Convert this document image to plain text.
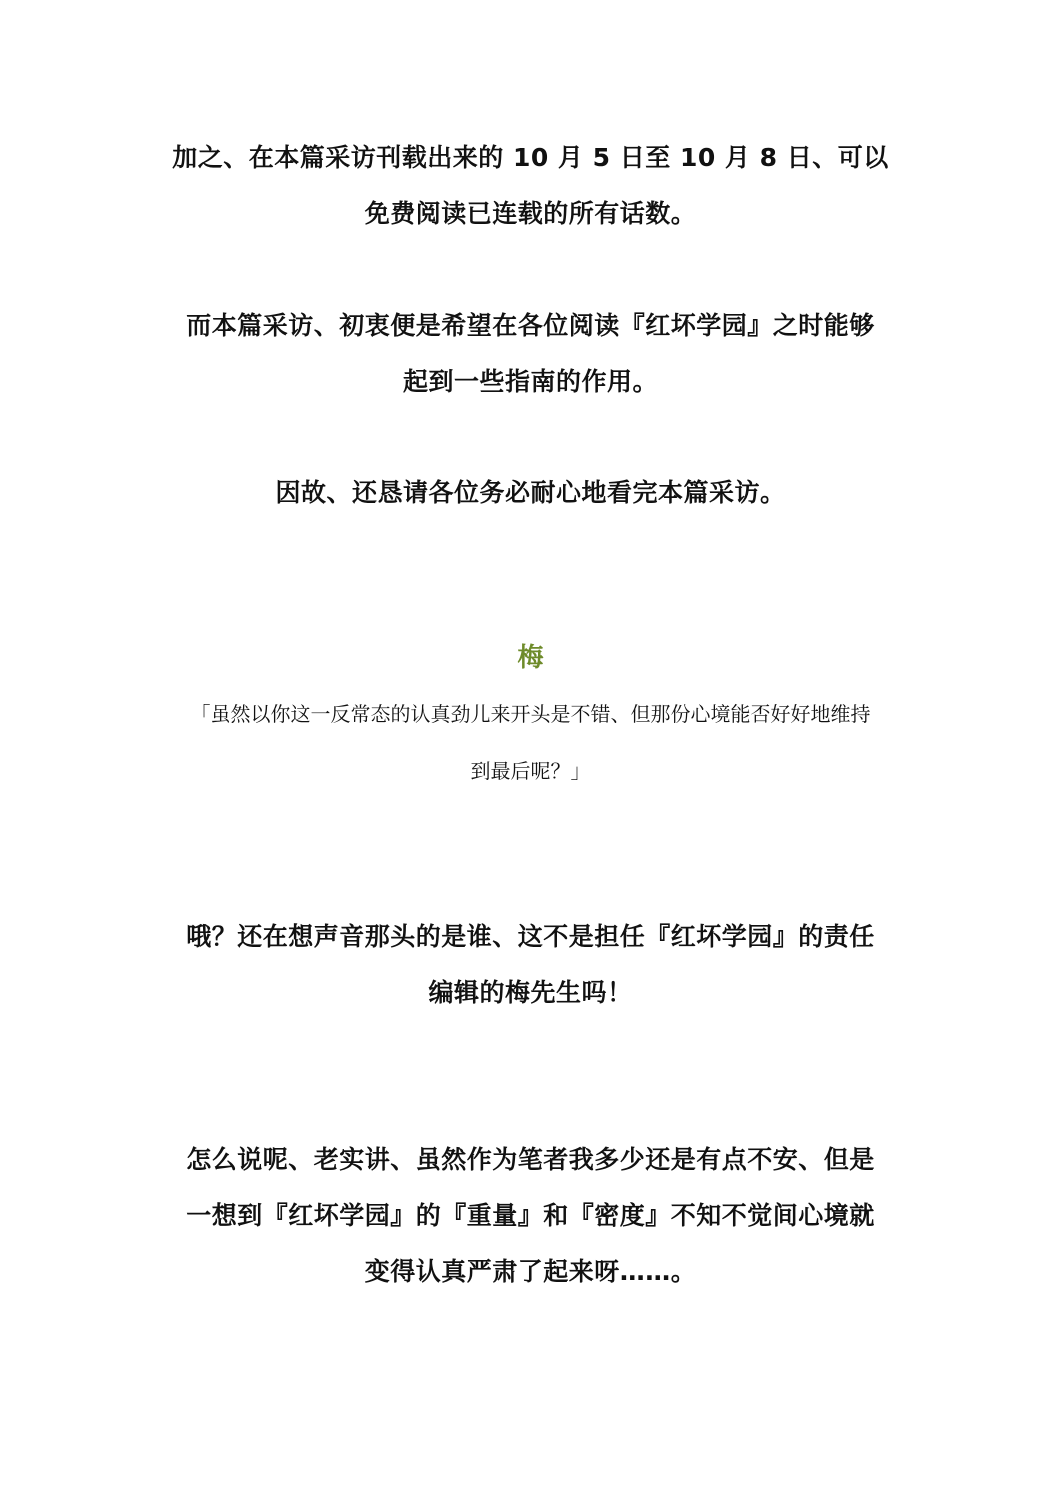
加之、在本篇采访刊载出来的 10 月 5 日至 10 月 8 日、可以
免费阅读已连载的所有话数。
而本篇采访、初衷便是希望在各位阅读『红坏学园』之时能够
起到一些指南的作用。
因故、还恳请各位务必耐心地看完本篇采访。
梅
「虽然以你这一反常态的认真劲儿来开头是不错、但那份心境能否好好地维持
到最后呢？」
哦？还在想声音那头的是谁、这不是担任『红坏学园』的责任
编辑的梅先生吗！
怎么说呢、老实讲、虽然作为笔者我多少还是有点不安、但是
一想到『红坏学园』的『重量』和『密度』不知不觉间心境就
变得认真严肃了起来呀……。
